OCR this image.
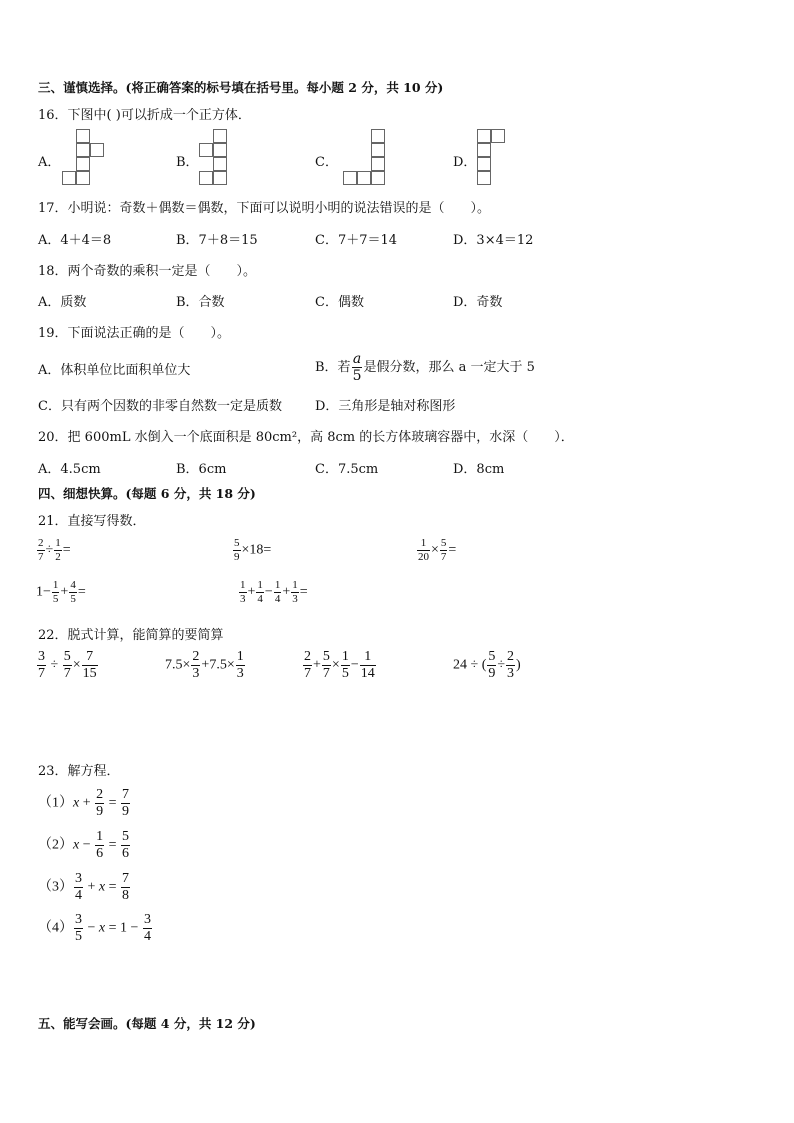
三、谨慎选择。(将正确答案的标号填在括号里。每小题 2 分，共 10 分)
16．下图中( )可以折成一个正方体．
A．	B．	C．	D．
17．小明说：奇数＋偶数＝偶数，下面可以说明小明的说法错误的是（　　）。
A．4＋4＝8	B．7＋8＝15	C．7＋7＝14	D．3×4＝12
18．两个奇数的乘积一定是（　　）。
A．质数	B．合数	C．偶数	D．奇数
19．下面说法正确的是（　　）。
A．体积单位比面积单位大	B．若 $\frac{a}{5}$ 是假分数，那么 a 一定大于 5
C．只有两个因数的非零自然数一定是质数	D．三角形是轴对称图形
20．把 600mL 水倒入一个底面积是 80cm²，高 8cm 的长方体玻璃容器中，水深（　　）．
A．4.5cm	B．6cm	C．7.5cm	D．8cm
四、细想快算。(每题 6 分，共 18 分)
21．直接写得数．
$\frac{2}{7} \div \frac{1}{2}$ =	$\frac{5}{9} \times 18=$	$\frac{1}{20} \times \frac{5}{7}$ =
$1- \frac{1}{5} + \frac{4}{5}$ =	$\frac{1}{3} + \frac{1}{4} - \frac{1}{4} + \frac{1}{3}$ =
22．脱式计算，能简算的要简算
$\frac{3}{7} \div \frac{5}{7} \times \frac{7}{15}$	$7.5\times \frac{2}{3} +7.5\times \frac{1}{3}$	$\frac{2}{7} + \frac{5}{7} \times \frac{1}{5} - \frac{1}{14}$	24 ÷ ( $\frac{5}{9} \div \frac{2}{3}$ )
23．解方程．
$(1)x + \frac{2}{9} = \frac{7}{9}$
$(2)x - \frac{1}{6} = \frac{5}{6}$
$(3) \frac{3}{4} + x = \frac{7}{8}$
$(4) \frac{3}{5} - x = 1 - \frac{3}{4}$
五、能写会画。(每题 4 分，共 12 分)
